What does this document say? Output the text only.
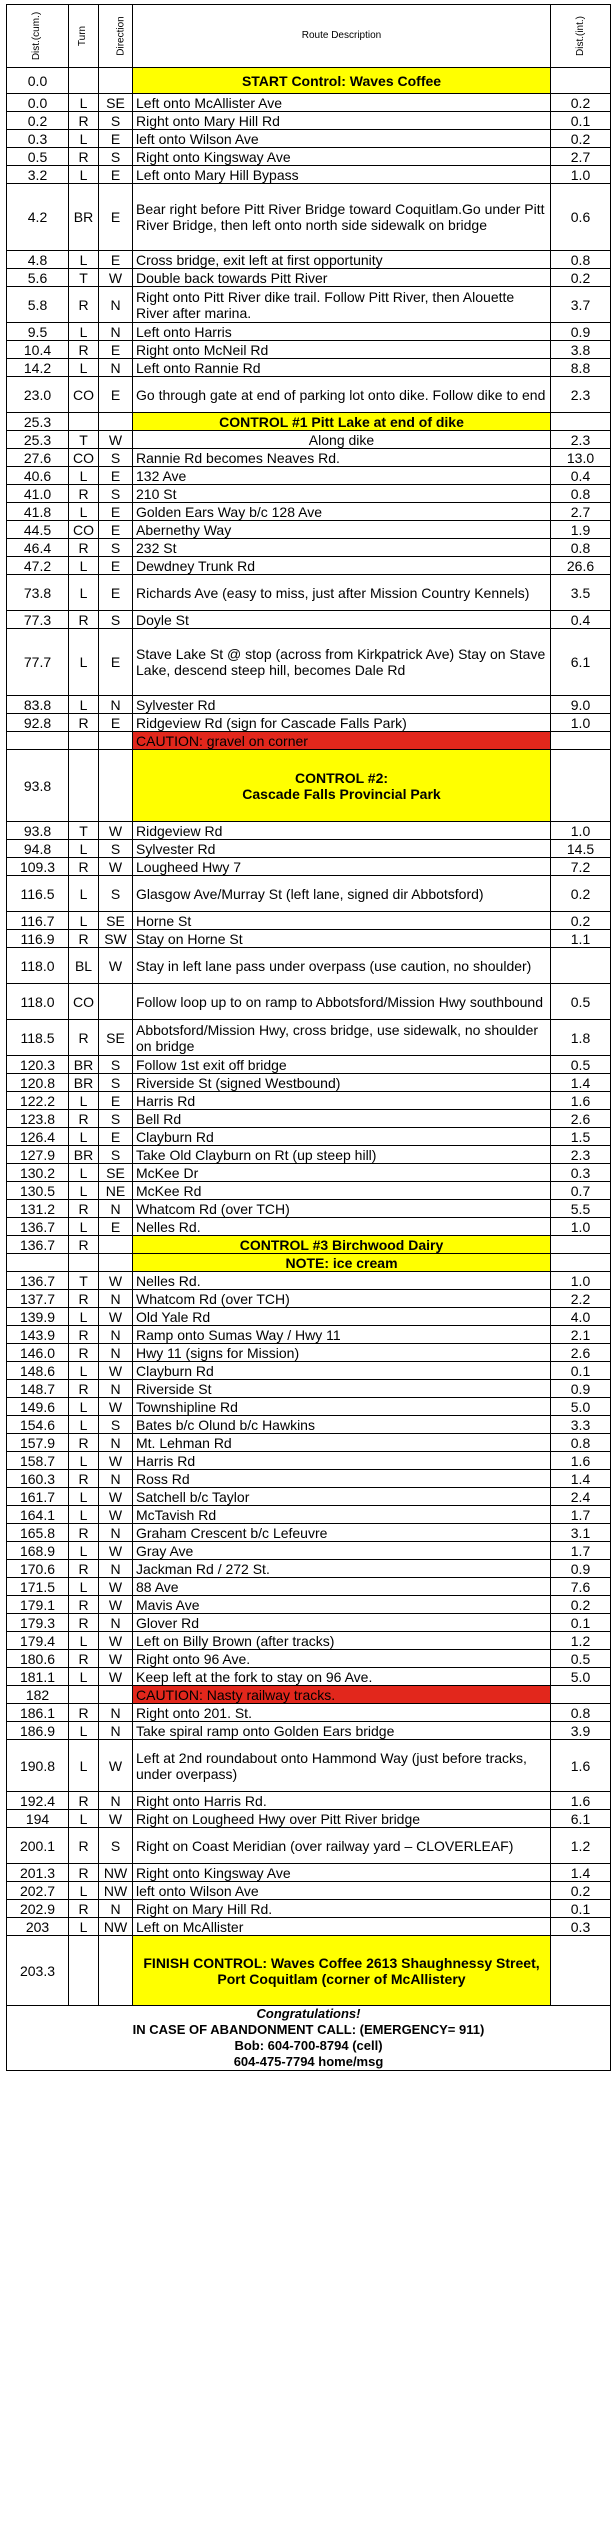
Dist.(cum.)	Turn	Direction	Route Description	Dist.(int.)
0.0			START Control: Waves Coffee	
0.0	L	SE	Left onto McAllister Ave	0.2
0.2	R	S	Right onto Mary Hill Rd	0.1
0.3	L	E	left onto Wilson Ave	0.2
0.5	R	S	Right onto Kingsway Ave	2.7
3.2	L	E	Left onto Mary Hill Bypass	1.0
4.2	BR	E	Bear right before Pitt River Bridge toward Coquitlam.Go under Pitt River Bridge, then left onto north side sidewalk on bridge	0.6
4.8	L	E	Cross bridge, exit left at first opportunity	0.8
5.6	T	W	Double back towards Pitt River	0.2
5.8	R	N	Right onto Pitt River dike trail. Follow Pitt River, then Alouette River after marina.	3.7
9.5	L	N	Left onto Harris	0.9
10.4	R	E	Right onto McNeil Rd	3.8
14.2	L	N	Left onto Rannie Rd	8.8
23.0	CO	E	Go through gate at end of parking lot onto dike. Follow dike to end	2.3
25.3			CONTROL #1 Pitt Lake at end of dike	
25.3	T	W	Along dike	2.3
27.6	CO	S	Rannie Rd becomes Neaves Rd.	13.0
40.6	L	E	132 Ave	0.4
41.0	R	S	210 St	0.8
41.8	L	E	Golden Ears Way b/c 128 Ave	2.7
44.5	CO	E	Abernethy Way	1.9
46.4	R	S	232 St	0.8
47.2	L	E	Dewdney Trunk Rd	26.6
73.8	L	E	Richards Ave (easy to miss, just after Mission Country Kennels)	3.5
77.3	R	S	Doyle St	0.4
77.7	L	E	Stave Lake St @ stop (across from Kirkpatrick Ave) Stay on Stave Lake, descend steep hill, becomes Dale Rd	6.1
83.8	L	N	Sylvester Rd	9.0
92.8	R	E	Ridgeview Rd (sign for Cascade Falls Park)	1.0
			CAUTION: gravel on corner	
93.8			CONTROL #2:
Cascade Falls Provincial Park	
93.8	T	W	Ridgeview Rd	1.0
94.8	L	S	Sylvester Rd	14.5
109.3	R	W	Lougheed Hwy 7	7.2
116.5	L	S	Glasgow Ave/Murray St (left lane, signed dir Abbotsford)	0.2
116.7	L	SE	Horne St	0.2
116.9	R	SW	Stay on Horne St	1.1
118.0	BL	W	Stay in left lane pass under overpass (use caution, no shoulder)	
118.0	CO		Follow loop up to on ramp to Abbotsford/Mission Hwy southbound	0.5
118.5	R	SE	Abbotsford/Mission Hwy, cross bridge, use sidewalk, no shoulder on bridge	1.8
120.3	BR	S	Follow 1st exit off bridge	0.5
120.8	BR	S	Riverside St (signed Westbound)	1.4
122.2	L	E	Harris Rd	1.6
123.8	R	S	Bell Rd	2.6
126.4	L	E	Clayburn Rd	1.5
127.9	BR	S	Take Old Clayburn on Rt (up steep hill)	2.3
130.2	L	SE	McKee Dr	0.3
130.5	L	NE	McKee Rd	0.7
131.2	R	N	Whatcom Rd (over TCH)	5.5
136.7	L	E	Nelles Rd.	1.0
136.7	R		CONTROL #3 Birchwood Dairy	
			NOTE: ice cream	
136.7	T	W	Nelles Rd.	1.0
137.7	R	N	Whatcom Rd (over TCH)	2.2
139.9	L	W	Old Yale Rd	4.0
143.9	R	N	Ramp onto Sumas Way / Hwy 11	2.1
146.0	R	N	Hwy 11 (signs for Mission)	2.6
148.6	L	W	Clayburn Rd	0.1
148.7	R	N	Riverside St	0.9
149.6	L	W	Townshipline Rd	5.0
154.6	L	S	Bates b/c Olund b/c Hawkins	3.3
157.9	R	N	Mt. Lehman Rd	0.8
158.7	L	W	Harris Rd	1.6
160.3	R	N	Ross Rd	1.4
161.7	L	W	Satchell b/c Taylor	2.4
164.1	L	W	McTavish Rd	1.7
165.8	R	N	Graham Crescent b/c Lefeuvre	3.1
168.9	L	W	Gray Ave	1.7
170.6	R	N	Jackman Rd / 272 St.	0.9
171.5	L	W	88 Ave	7.6
179.1	R	W	Mavis Ave	0.2
179.3	R	N	Glover Rd	0.1
179.4	L	W	Left on Billy Brown (after tracks)	1.2
180.6	R	W	Right onto 96 Ave.	0.5
181.1	L	W	Keep left at the fork to stay on 96 Ave.	5.0
182			CAUTION: Nasty railway tracks.	
186.1	R	N	Right onto 201. St.	0.8
186.9	L	N	Take spiral ramp onto Golden Ears bridge	3.9
190.8	L	W	Left at 2nd roundabout onto Hammond Way (just before tracks, under overpass)	1.6
192.4	R	N	Right onto Harris Rd.	1.6
194	L	W	Right on Lougheed Hwy over Pitt River bridge	6.1
200.1	R	S	Right on Coast Meridian (over railway yard – CLOVERLEAF)	1.2
201.3	R	NW	Right onto Kingsway Ave	1.4
202.7	L	NW	left onto Wilson Ave	0.2
202.9	R	N	Right on Mary Hill Rd.	0.1
203	L	NW	Left on McAllister	0.3
203.3			FINISH CONTROL: Waves Coffee 2613 Shaughnessy Street, Port Coquitlam (corner of McAllistery	

Congratulations!
IN CASE OF ABANDONMENT CALL: (EMERGENCY= 911)
Bob: 604-700-8794 (cell)
604-475-7794 home/msg				
